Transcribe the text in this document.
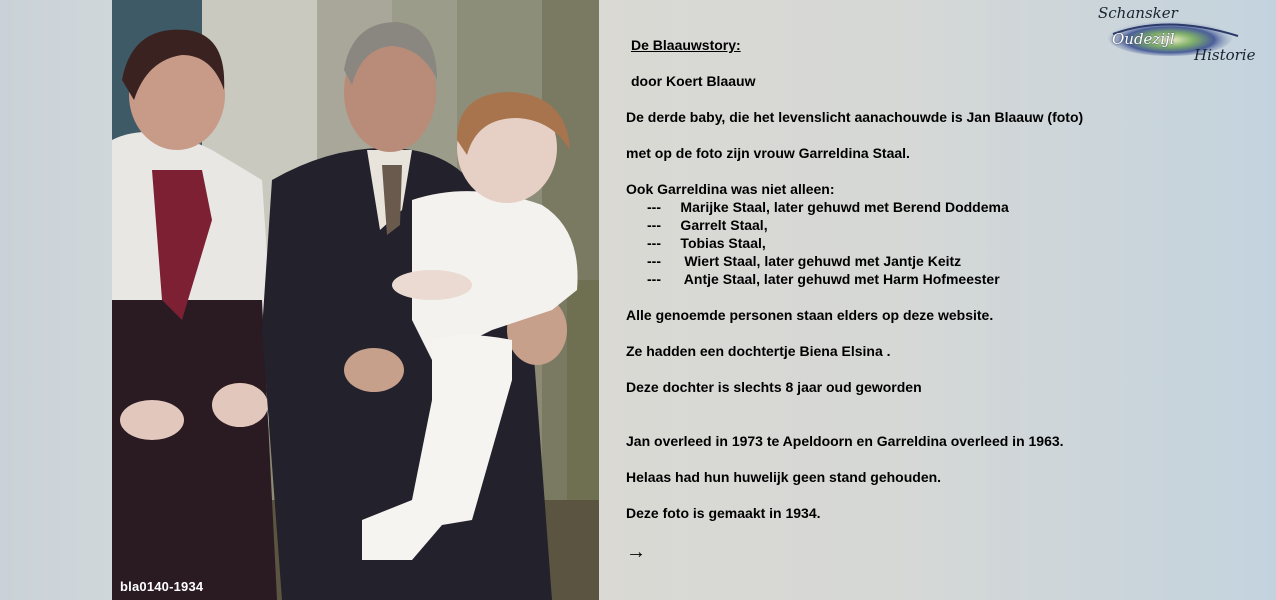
bla0140-1934
Schansker
Oudezijl
Historie

De Blaauwstory:

door Koert Blaauw

De derde baby, die het levenslicht aanachouwde is Jan Blaauw (foto)

met op de foto zijn vrouw Garreldina Staal.

Ook Garreldina was niet alleen:

---     Marijke Staal, later gehuwd met Berend Doddema
---     Garrelt Staal,
---     Tobias Staal,
---      Wiert Staal, later gehuwd met Jantje Keitz
---      Antje Staal, later gehuwd met Harm Hofmeester

Alle genoemde personen staan elders op deze website.

Ze hadden een dochtertje Biena Elsina .

Deze dochter is slechts 8 jaar oud geworden

Jan overleed in 1973 te Apeldoorn en Garreldina overleed in 1963.

Helaas had hun huwelijk geen stand gehouden.

Deze foto is gemaakt in 1934.

→
